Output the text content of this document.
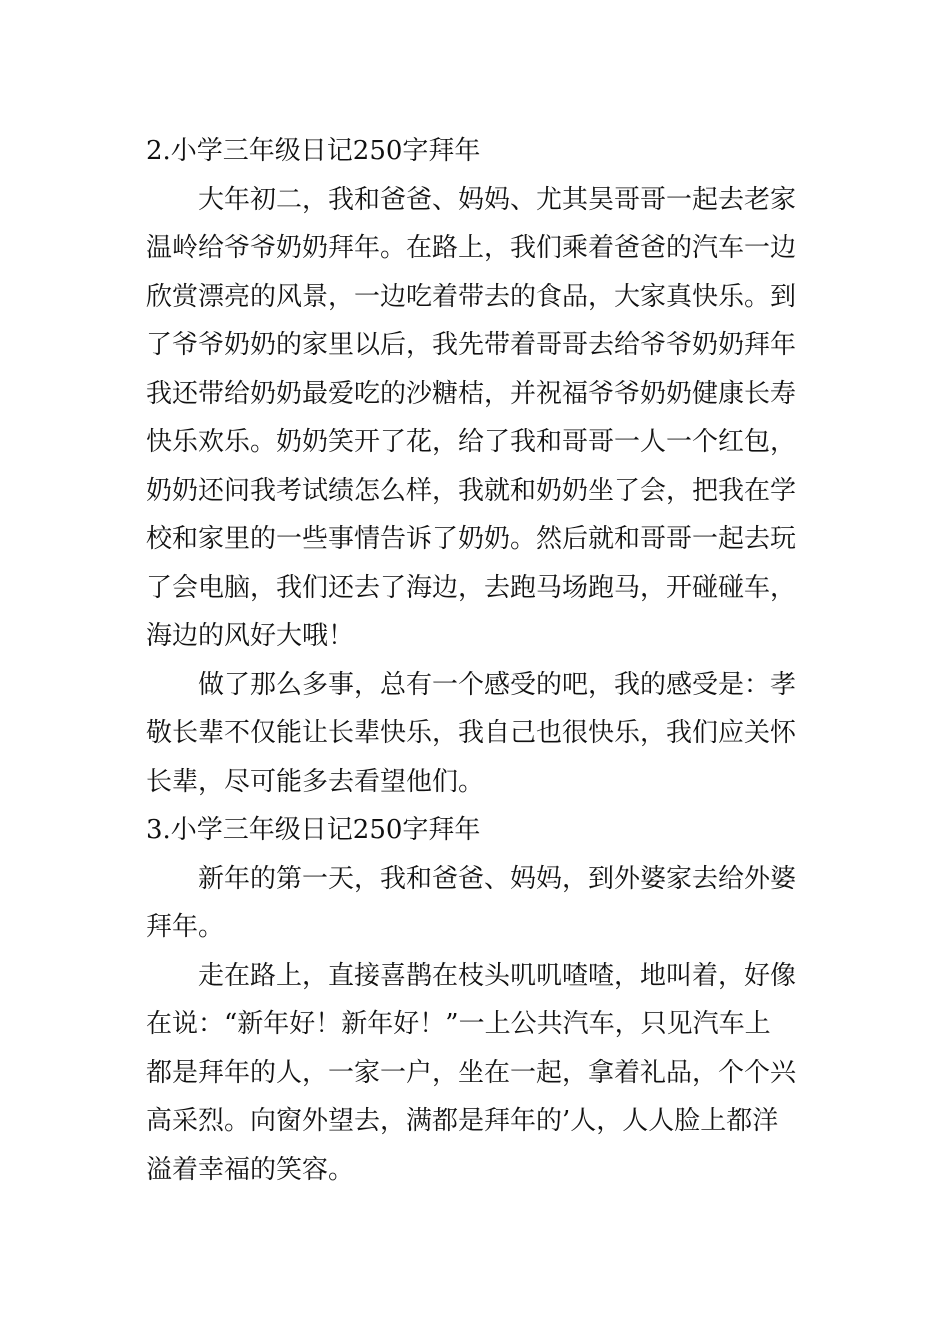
2.小学三年级日记250字拜年
大年初二，我和爸爸、妈妈、尤其昊哥哥一起去老家
温岭给爷爷奶奶拜年。在路上，我们乘着爸爸的汽车一边
欣赏漂亮的风景，一边吃着带去的食品，大家真快乐。到
了爷爷奶奶的家里以后，我先带着哥哥去给爷爷奶奶拜年
我还带给奶奶最爱吃的沙糖桔，并祝福爷爷奶奶健康长寿
快乐欢乐。奶奶笑开了花，给了我和哥哥一人一个红包，
奶奶还问我考试绩怎么样，我就和奶奶坐了会，把我在学
校和家里的一些事情告诉了奶奶。然后就和哥哥一起去玩
了会电脑，我们还去了海边，去跑马场跑马，开碰碰车，
海边的风好大哦！
做了那么多事，总有一个感受的吧，我的感受是：孝
敬长辈不仅能让长辈快乐，我自己也很快乐，我们应关怀
长辈，尽可能多去看望他们。
3.小学三年级日记250字拜年
新年的第一天，我和爸爸、妈妈，到外婆家去给外婆
拜年。
走在路上，直接喜鹊在枝头叽叽喳喳，地叫着，好像
在说：“新年好！新年好！”一上公共汽车，只见汽车上
都是拜年的人，一家一户，坐在一起，拿着礼品，个个兴
高采烈。向窗外望去，满都是拜年的’人，人人脸上都洋
溢着幸福的笑容。
